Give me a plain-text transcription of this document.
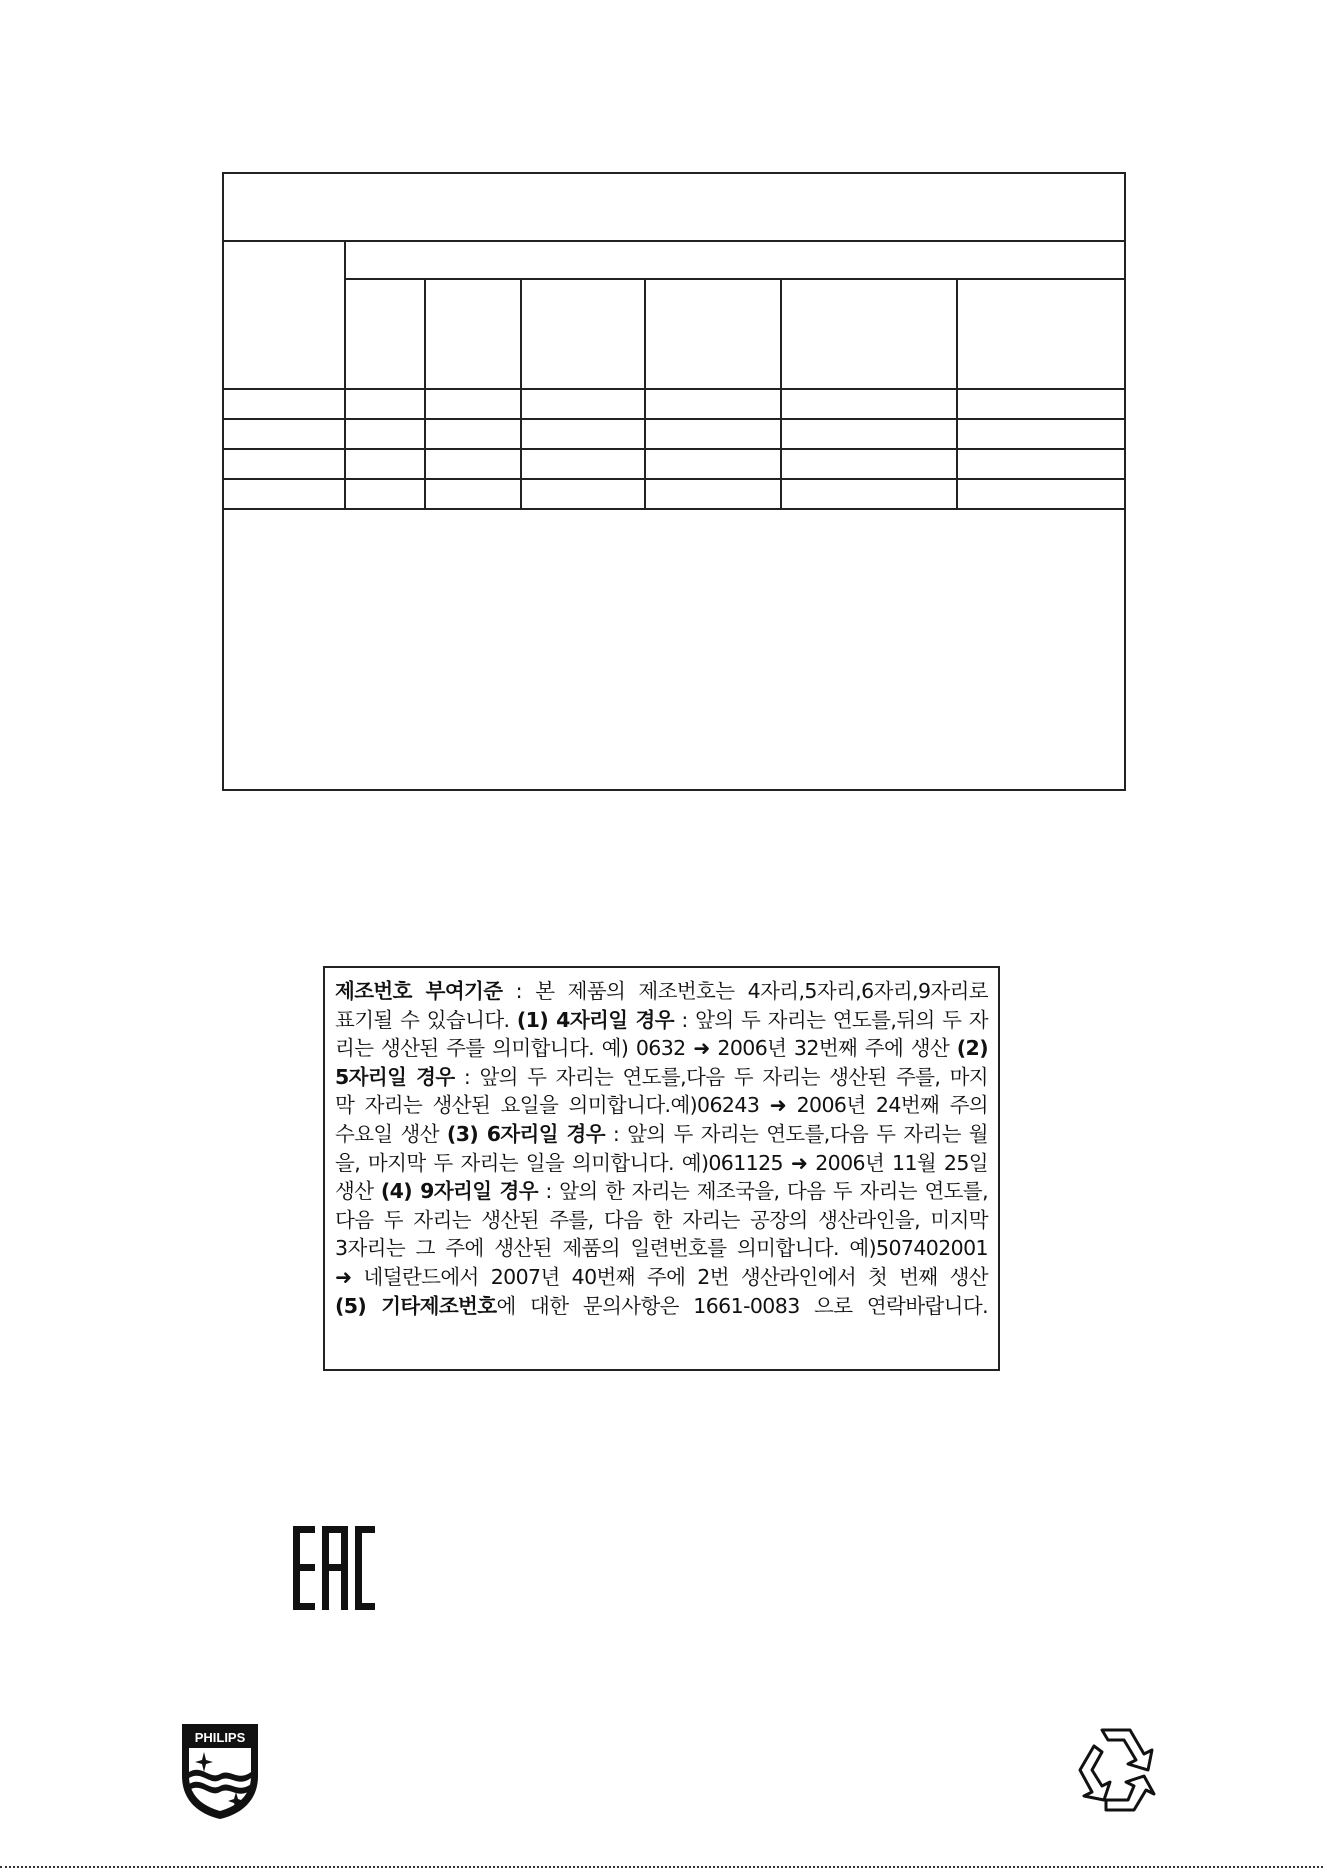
제조번호 부여기준 : 본 제품의 제조번호는 4자리,5자리,6자리,9자리로
표기될 수 있습니다. (1) 4자리일 경우 : 앞의 두 자리는 연도를,뒤의 두 자
리는 생산된 주를 의미합니다. 예) 0632 ➜ 2006년 32번째 주에 생산 (2)
5자리일 경우 : 앞의 두 자리는 연도를,다음 두 자리는 생산된 주를, 마지
막 자리는 생산된 요일을 의미합니다.예)06243 ➜ 2006년 24번째 주의
수요일 생산 (3) 6자리일 경우 : 앞의 두 자리는 연도를,다음 두 자리는 월
을, 마지막 두 자리는 일을 의미합니다. 예)061125 ➜ 2006년 11월 25일
생산 (4) 9자리일 경우 : 앞의 한 자리는 제조국을, 다음 두 자리는 연도를,
다음 두 자리는 생산된 주를, 다음 한 자리는 공장의 생산라인을, 미지막
3자리는 그 주에 생산된 제품의 일련번호를 의미합니다. 예)507402001
➜ 네덜란드에서 2007년 40번째 주에 2번 생산라인에서 첫 번째 생산
(5) 기타제조번호에 대한 문의사항은 1661-0083 으로 연락바랍니다.
PHILIPS
